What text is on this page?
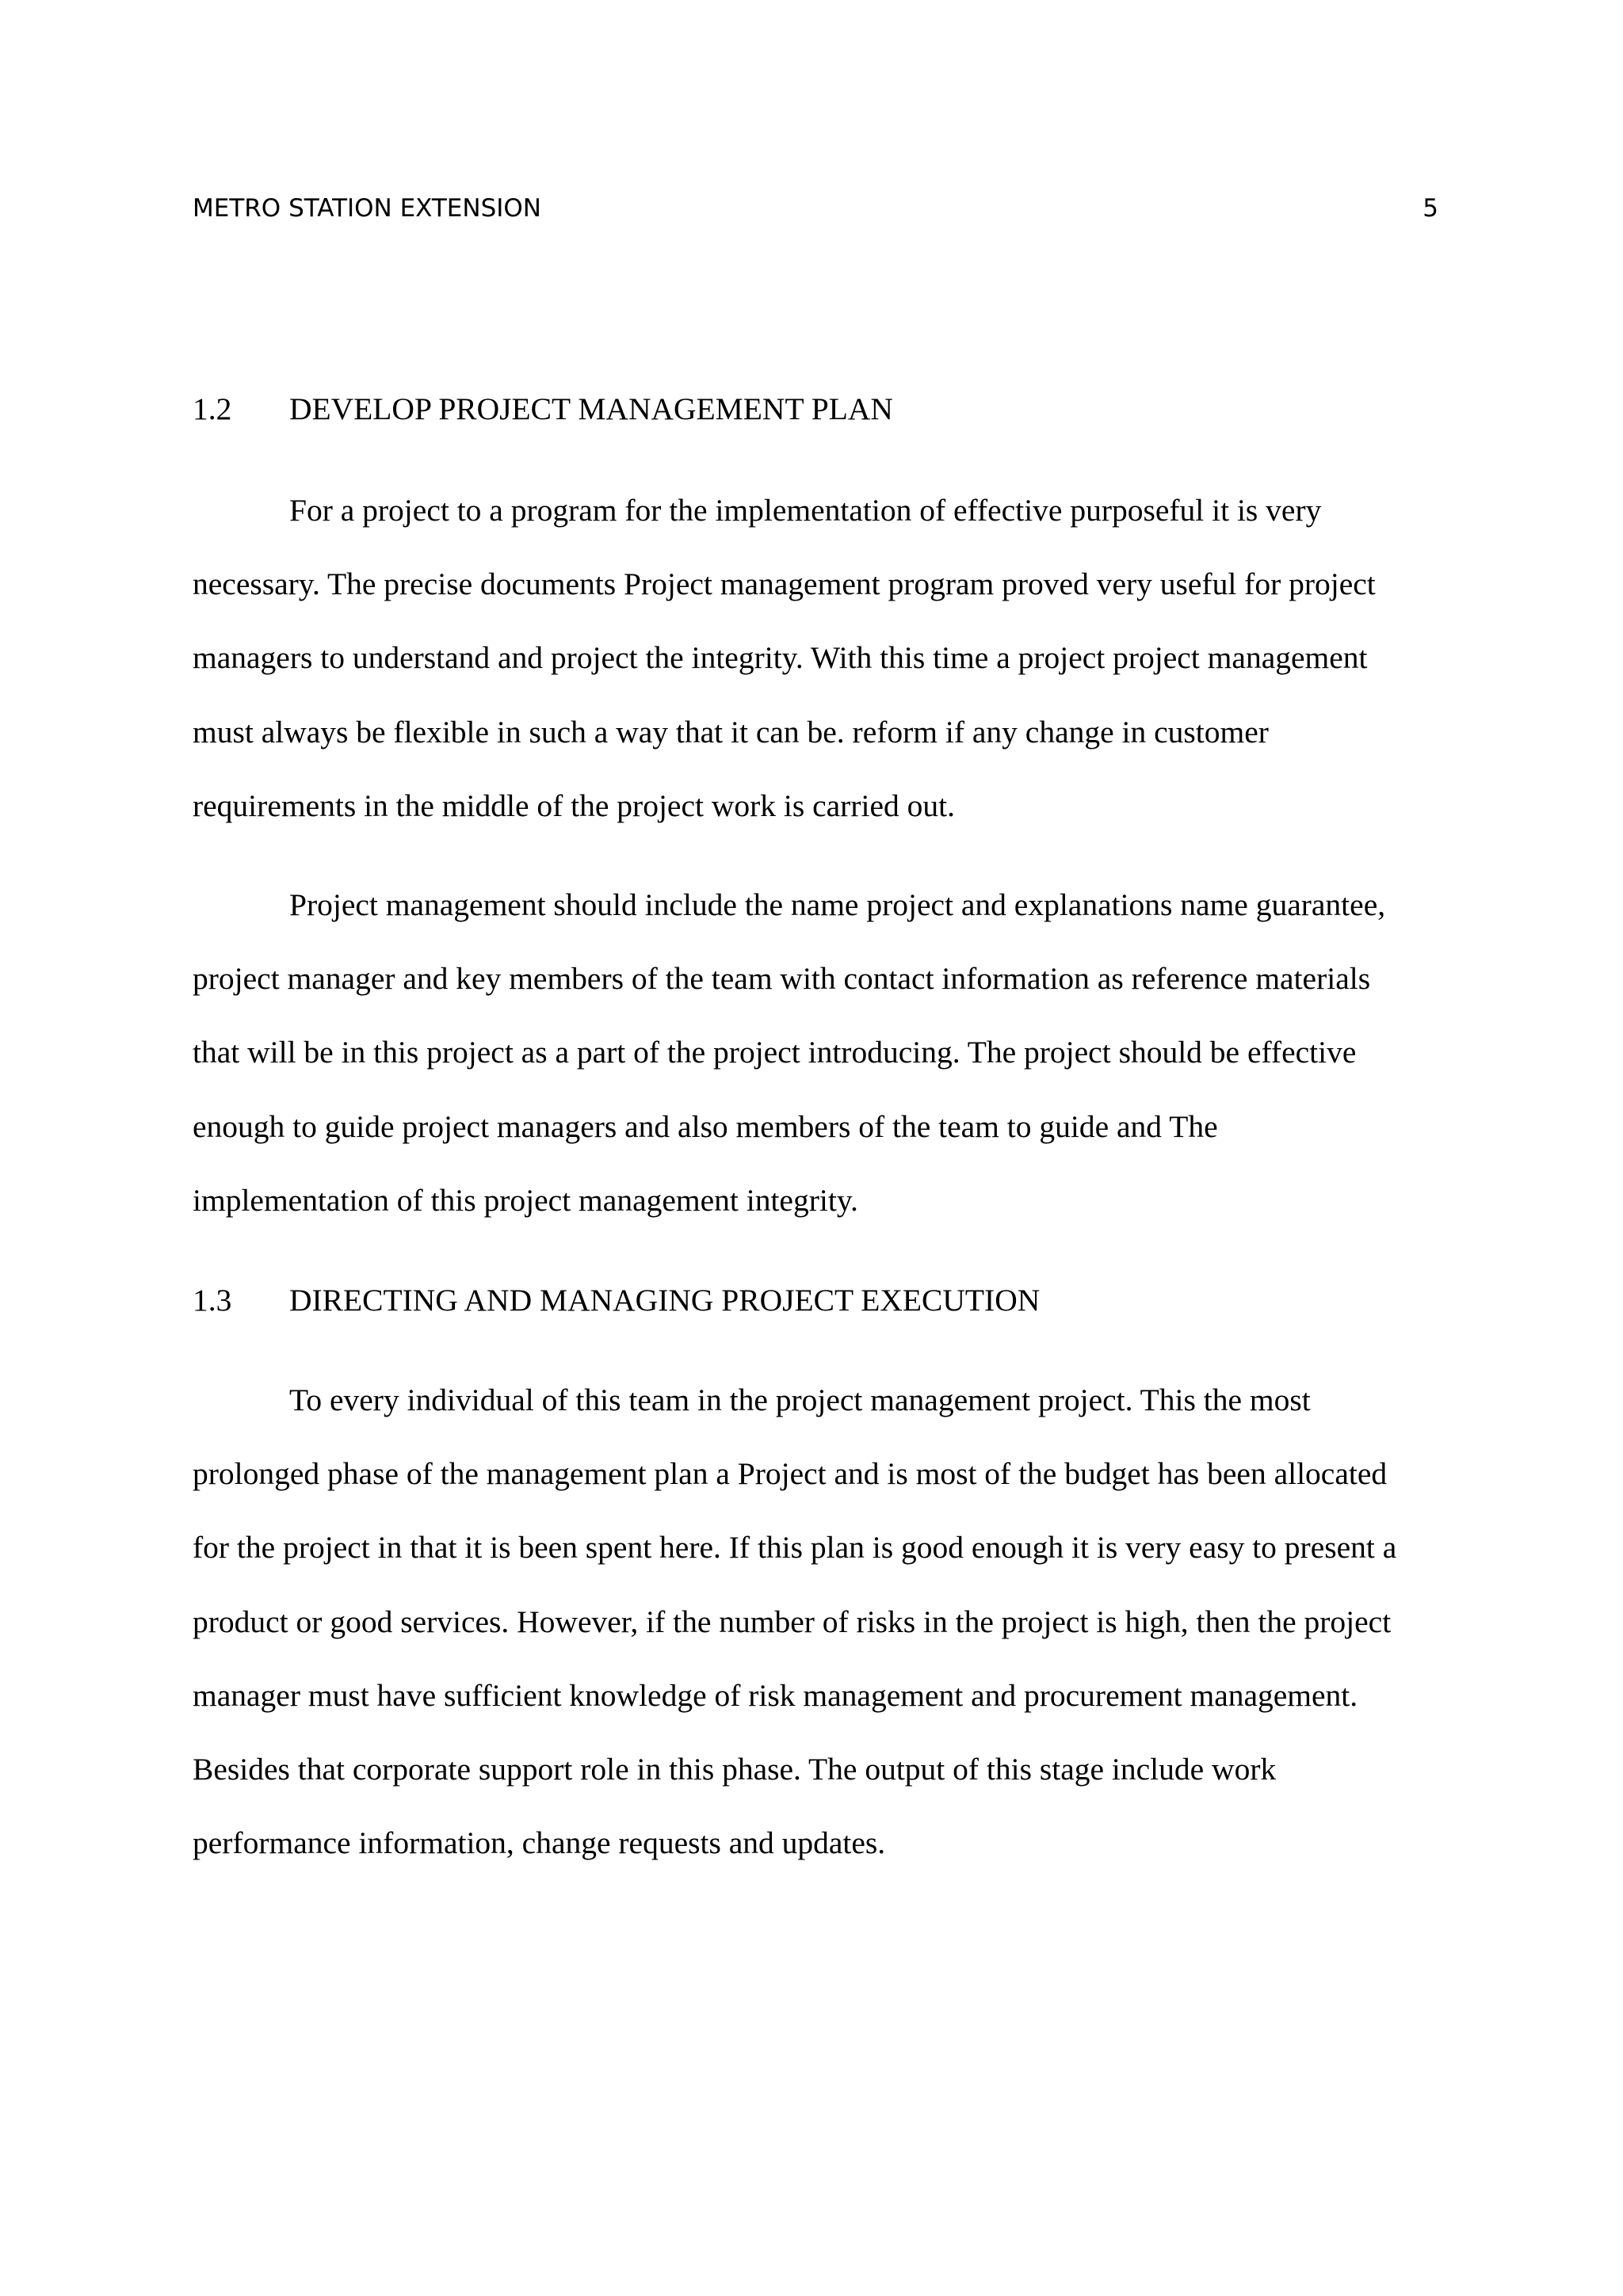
METRO STATION EXTENSION	5
1.2 DEVELOP PROJECT MANAGEMENT PLAN
For a project to a program for the implementation of effective purposeful it is very
necessary. The precise documents Project management program proved very useful for project
managers to understand and project the integrity. With this time a project project management
must always be flexible in such a way that it can be. reform if any change in customer
requirements in the middle of the project work is carried out.
Project management should include the name project and explanations name guarantee,
project manager and key members of the team with contact information as reference materials
that will be in this project as a part of the project introducing. The project should be effective
enough to guide project managers and also members of the team to guide and The
implementation of this project management integrity.
1.3 DIRECTING AND MANAGING PROJECT EXECUTION
To every individual of this team in the project management project. This the most
prolonged phase of the management plan a Project and is most of the budget has been allocated
for the project in that it is been spent here. If this plan is good enough it is very easy to present a
product or good services. However, if the number of risks in the project is high, then the project
manager must have sufficient knowledge of risk management and procurement management.
Besides that corporate support role in this phase. The output of this stage include work
performance information, change requests and updates.
